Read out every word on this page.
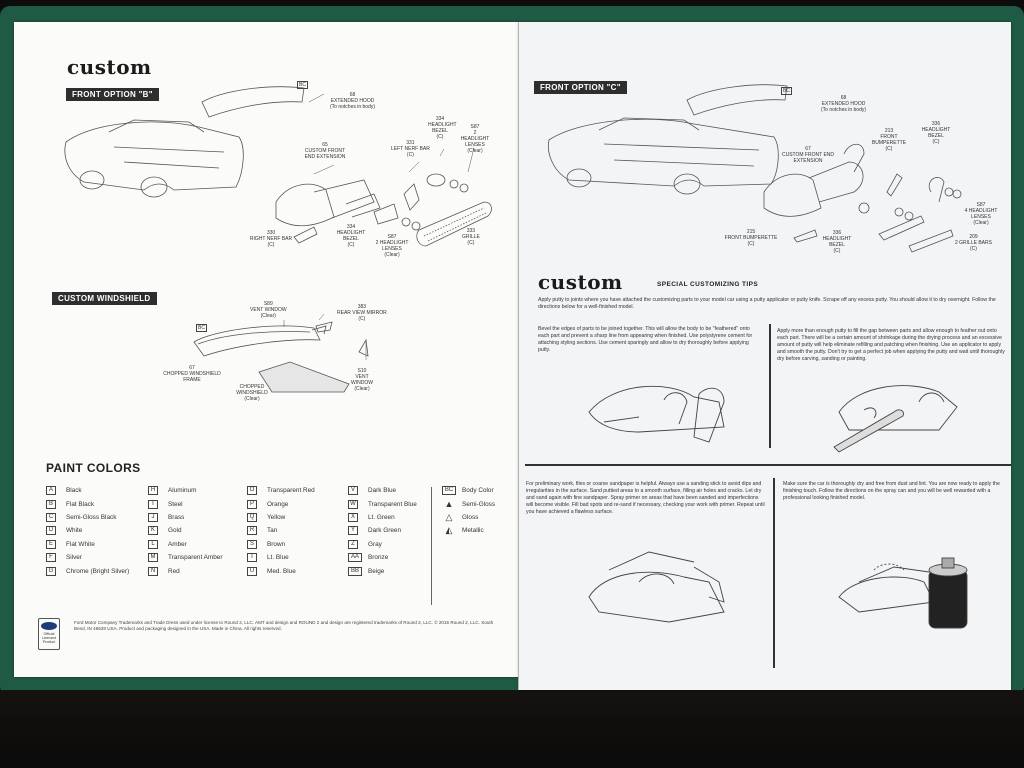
custom
FRONT OPTION "B"
BC
68
EXTENDED HOOD
(To notches in body)
65
CUSTOM FRONT END EXTENSION
331
LEFT NERF BAR
(C)
334
HEADLIGHT BEZEL
(C)
S87
2 HEADLIGHT LENSES
(Clear)
330
RIGHT NERF BAR
(C)
334
HEADLIGHT BEZEL
(C)
S87
2 HEADLIGHT LENSES
(Clear)
333
GRILLE
(C)
CUSTOM WINDSHIELD
BC
S89
VENT WINDOW
(Clear)
383
REAR VIEW MIRROR
(C)
67
CHOPPED WINDSHIELD FRAME
S10
VENT WINDOW
(Clear)
CHOPPED WINDSHIELD
(Clear)
PAINT COLORS
A	Black
B	Flat Black
C	Semi-Gloss Black
D	White
E	Flat White
F	Silver
G	Chrome (Bright Silver)
H	Aluminum
I	Steel
J	Brass
K	Gold
L	Amber
M	Transparent Amber
N	Red
O	Transparent Red
P	Orange
Q	Yellow
R	Tan
S	Brown
T	Lt. Blue
U	Med. Blue
V	Dark Blue
W	Transparent Blue
X	Lt. Green
Y	Dark Green
Z	Gray
AA	Bronze
BB	Beige
BC	Body Color
▲	Semi-Gloss
△	Gloss
◭	Metallic
Official Licensed Product
Ford Motor Company Trademarks and Trade Dress used under license to Round 2, LLC. AMT and design and ROUND 2 and design are registered trademarks of Round 2, LLC. © 2015 Round 2, LLC. South Bend, IN 46628 USA. Product and packaging designed in the USA. Made in China. All rights reserved.
FRONT OPTION "C"	BC
68
EXTENDED HOOD
(To notches in body)
67
CUSTOM FRONT END EXTENSION
213
FRONT BUMPERETTE
(C)
336
HEADLIGHT BEZEL
(C)
S87
4 HEADLIGHT LENSES
(Clear)
215
FRONT BUMPERETTE
(C)
336
HEADLIGHT BEZEL
(C)
209
2 GRILLE BARS
(C)
custom	SPECIAL CUSTOMIZING TIPS
Apply putty to joints where you have attached the customizing parts to your model car using a putty applicator or putty knife. Scrape off any excess putty. You should allow it to dry overnight. Follow the directions below for a well-finished model.
Bevel the edges of parts to be joined together. This will allow the body to be "feathered" onto each part and prevent a sharp line from appearing when finished. Use polystyrene cement for attaching styling sections. Use cement sparingly and allow to dry thoroughly before applying putty.
Apply more than enough putty to fill the gap between parts and allow enough to feather out onto each part. There will be a certain amount of shrinkage during the drying process and an excessive amount of putty will help eliminate refilling and patching when finishing. Use an applicator to apply and smooth the putty. Don't try to get a perfect job when applying the putty and wait until thoroughly dry before carving, sanding or painting.
For preliminary work, files or coarse sandpaper is helpful. Always use a sanding stick to avoid dips and irregularities in the surface. Sand puttied areas to a smooth surface, filling air holes and cracks. Let dry and sand again with fine sandpaper. Spray primer on areas that have been sanded and imperfections will become visible. Fill bad spots and re-sand if necessary, checking your work with primer. Repeat until you have achieved a flawless surface.
Make sure the car is thoroughly dry and free from dust and lint. You are now ready to apply the finishing touch. Follow the directions on the spray can and you will be well rewarded with a professional looking finished model.
